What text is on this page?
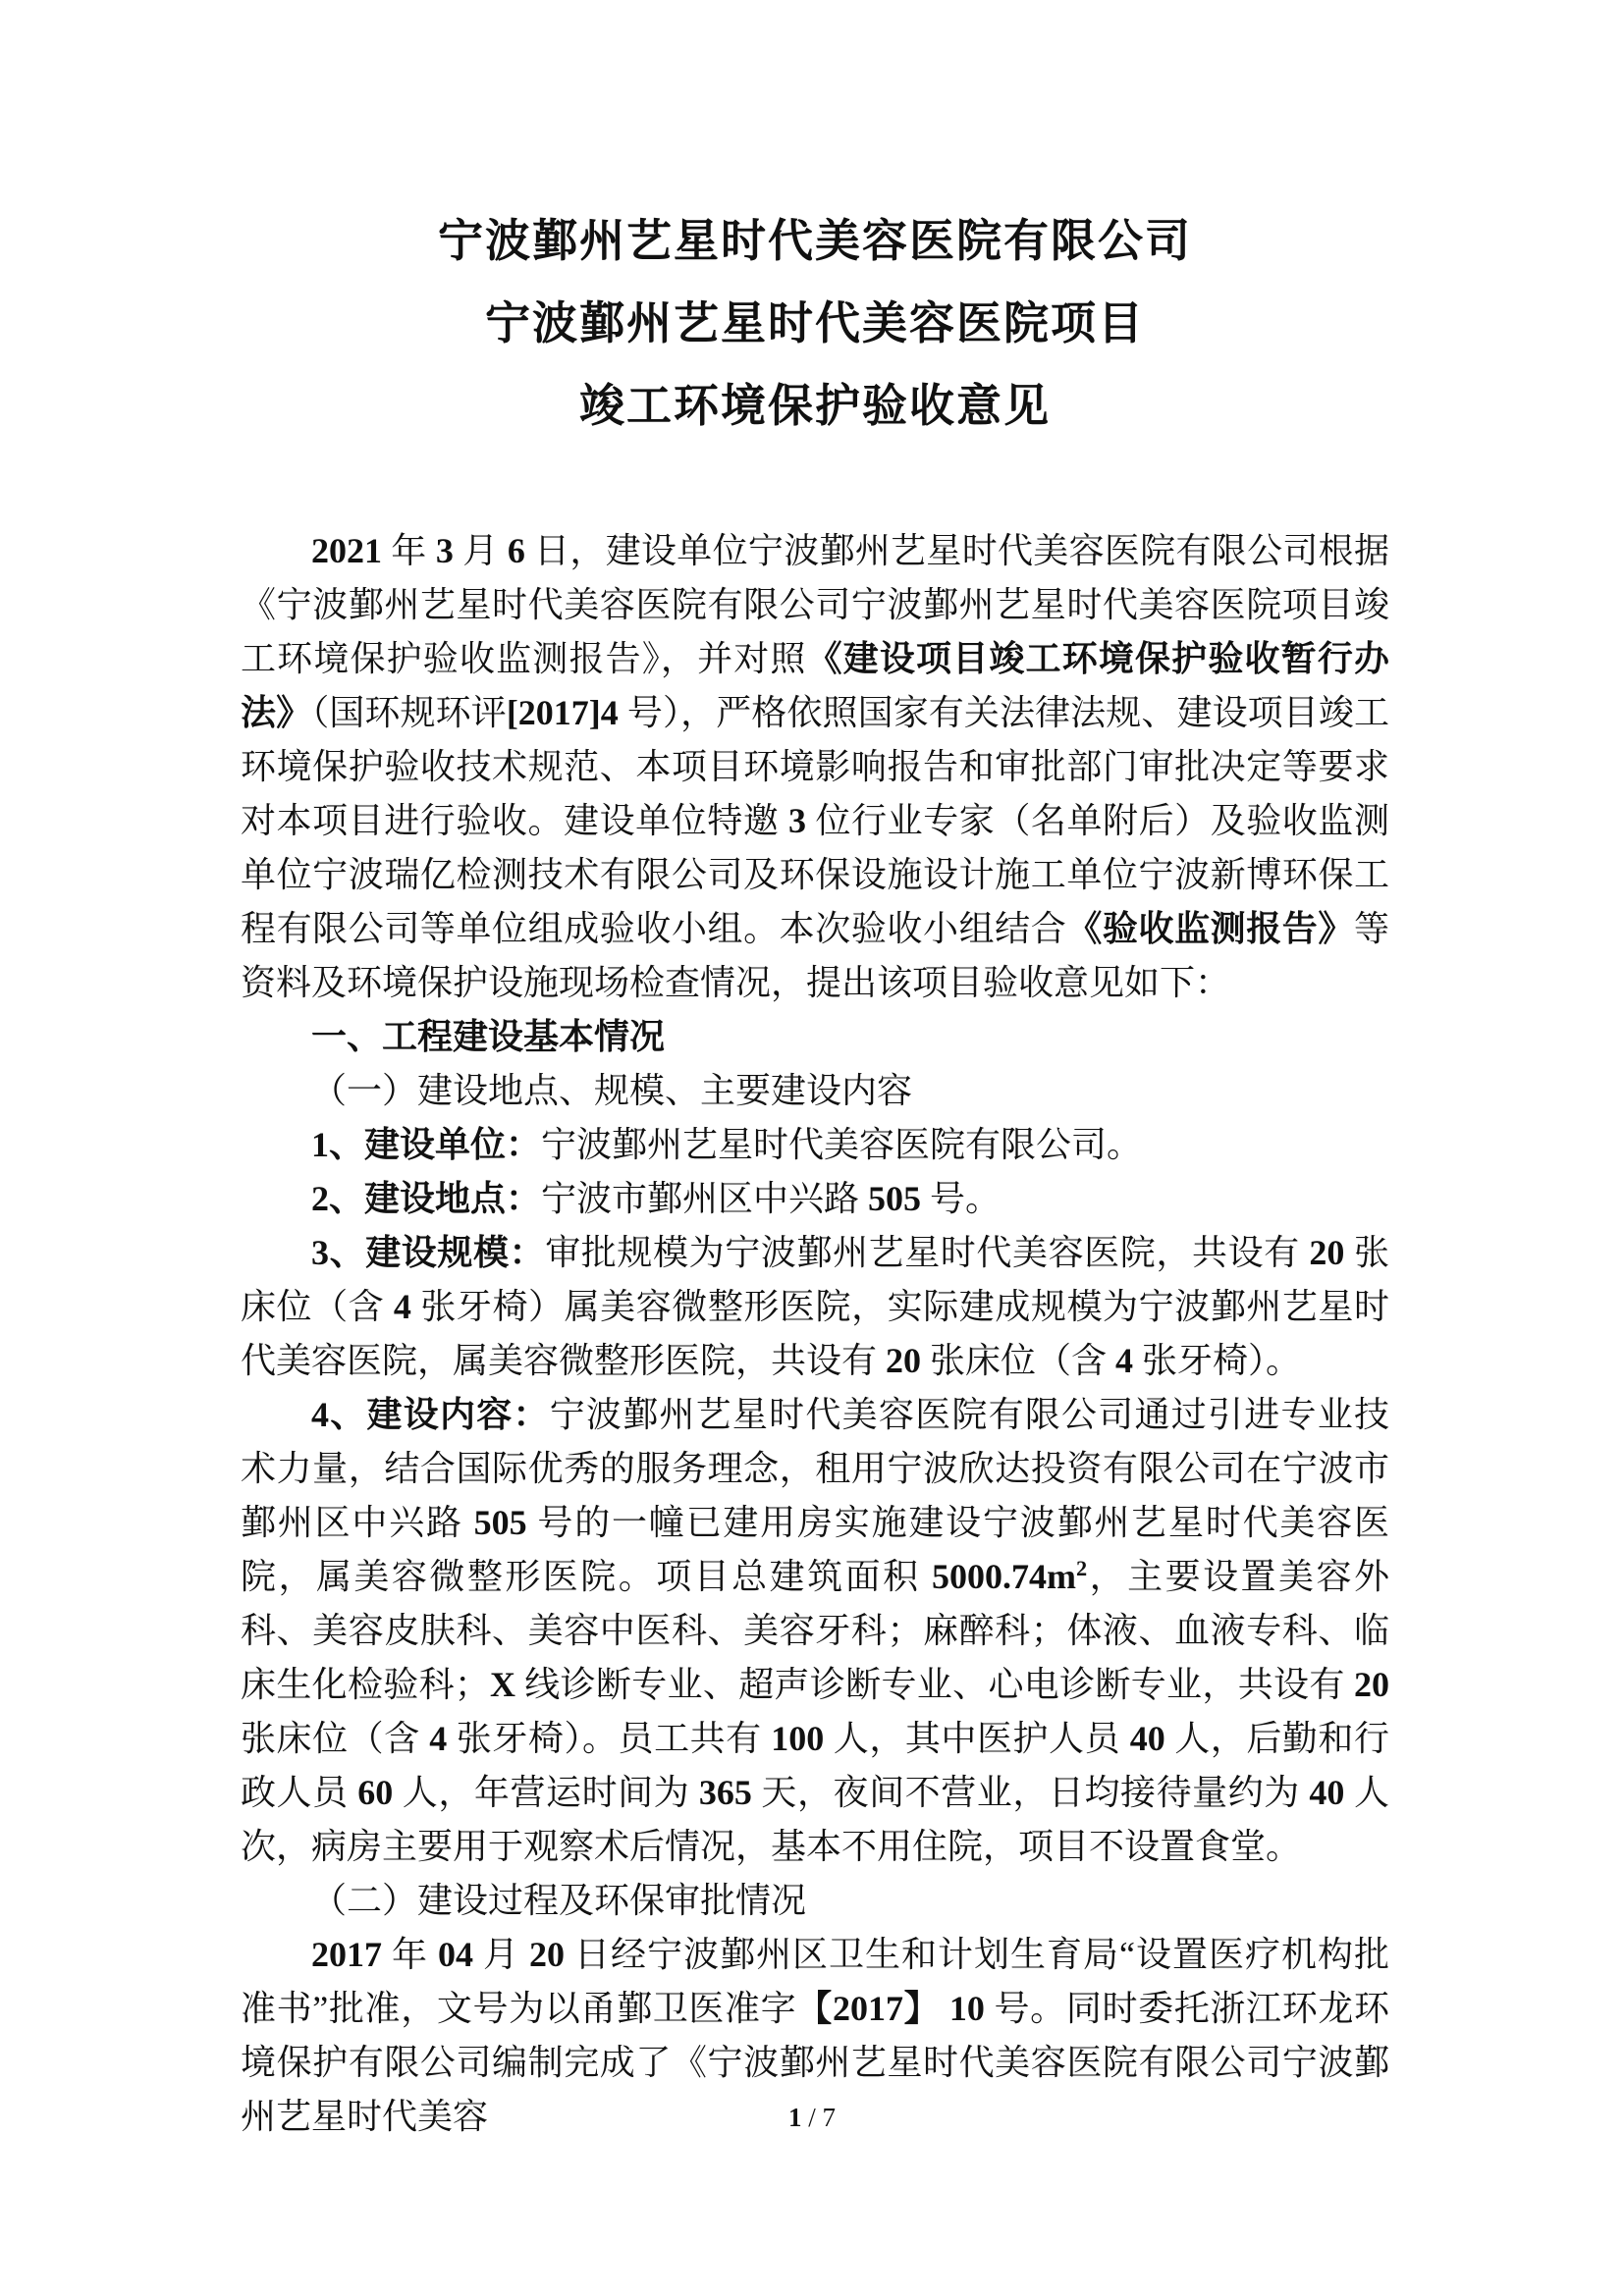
宁波鄞州艺星时代美容医院有限公司
宁波鄞州艺星时代美容医院项目
竣工环境保护验收意见

2021 年 3 月 6 日，建设单位宁波鄞州艺星时代美容医院有限公司根据《宁波鄞州艺星时代美容医院有限公司宁波鄞州艺星时代美容医院项目竣工环境保护验收监测报告》，并对照《建设项目竣工环境保护验收暂行办法》（国环规环评[2017]4 号），严格依照国家有关法律法规、建设项目竣工环境保护验收技术规范、本项目环境影响报告和审批部门审批决定等要求对本项目进行验收。建设单位特邀 3 位行业专家（名单附后）及验收监测单位宁波瑞亿检测技术有限公司及环保设施设计施工单位宁波新博环保工程有限公司等单位组成验收小组。本次验收小组结合《验收监测报告》等资料及环境保护设施现场检查情况，提出该项目验收意见如下：

一、工程建设基本情况

（一）建设地点、规模、主要建设内容

1、建设单位：宁波鄞州艺星时代美容医院有限公司。

2、建设地点：宁波市鄞州区中兴路 505 号。

3、建设规模：审批规模为宁波鄞州艺星时代美容医院，共设有 20 张床位（含 4 张牙椅）属美容微整形医院，实际建成规模为宁波鄞州艺星时代美容医院，属美容微整形医院，共设有 20 张床位（含 4 张牙椅）。

4、建设内容：宁波鄞州艺星时代美容医院有限公司通过引进专业技术力量，结合国际优秀的服务理念，租用宁波欣达投资有限公司在宁波市鄞州区中兴路 505 号的一幢已建用房实施建设宁波鄞州艺星时代美容医院，属美容微整形医院。项目总建筑面积 $5000.74m^2$，主要设置美容外科、美容皮肤科、美容中医科、美容牙科；麻醉科；体液、血液专科、临床生化检验科；X 线诊断专业、超声诊断专业、心电诊断专业，共设有 20 张床位（含 4 张牙椅）。员工共有 100 人，其中医护人员 40 人，后勤和行政人员 60 人，年营运时间为 365 天，夜间不营业，日均接待量约为 40 人次，病房主要用于观察术后情况，基本不用住院，项目不设置食堂。

（二）建设过程及环保审批情况

2017 年 04 月 20 日经宁波鄞州区卫生和计划生育局“设置医疗机构批准书”批准，文号为以甬鄞卫医准字【2017】 10 号。同时委托浙江环龙环境保护有限公司编制完成了《宁波鄞州艺星时代美容医院有限公司宁波鄞州艺星时代美容	1 / 7
